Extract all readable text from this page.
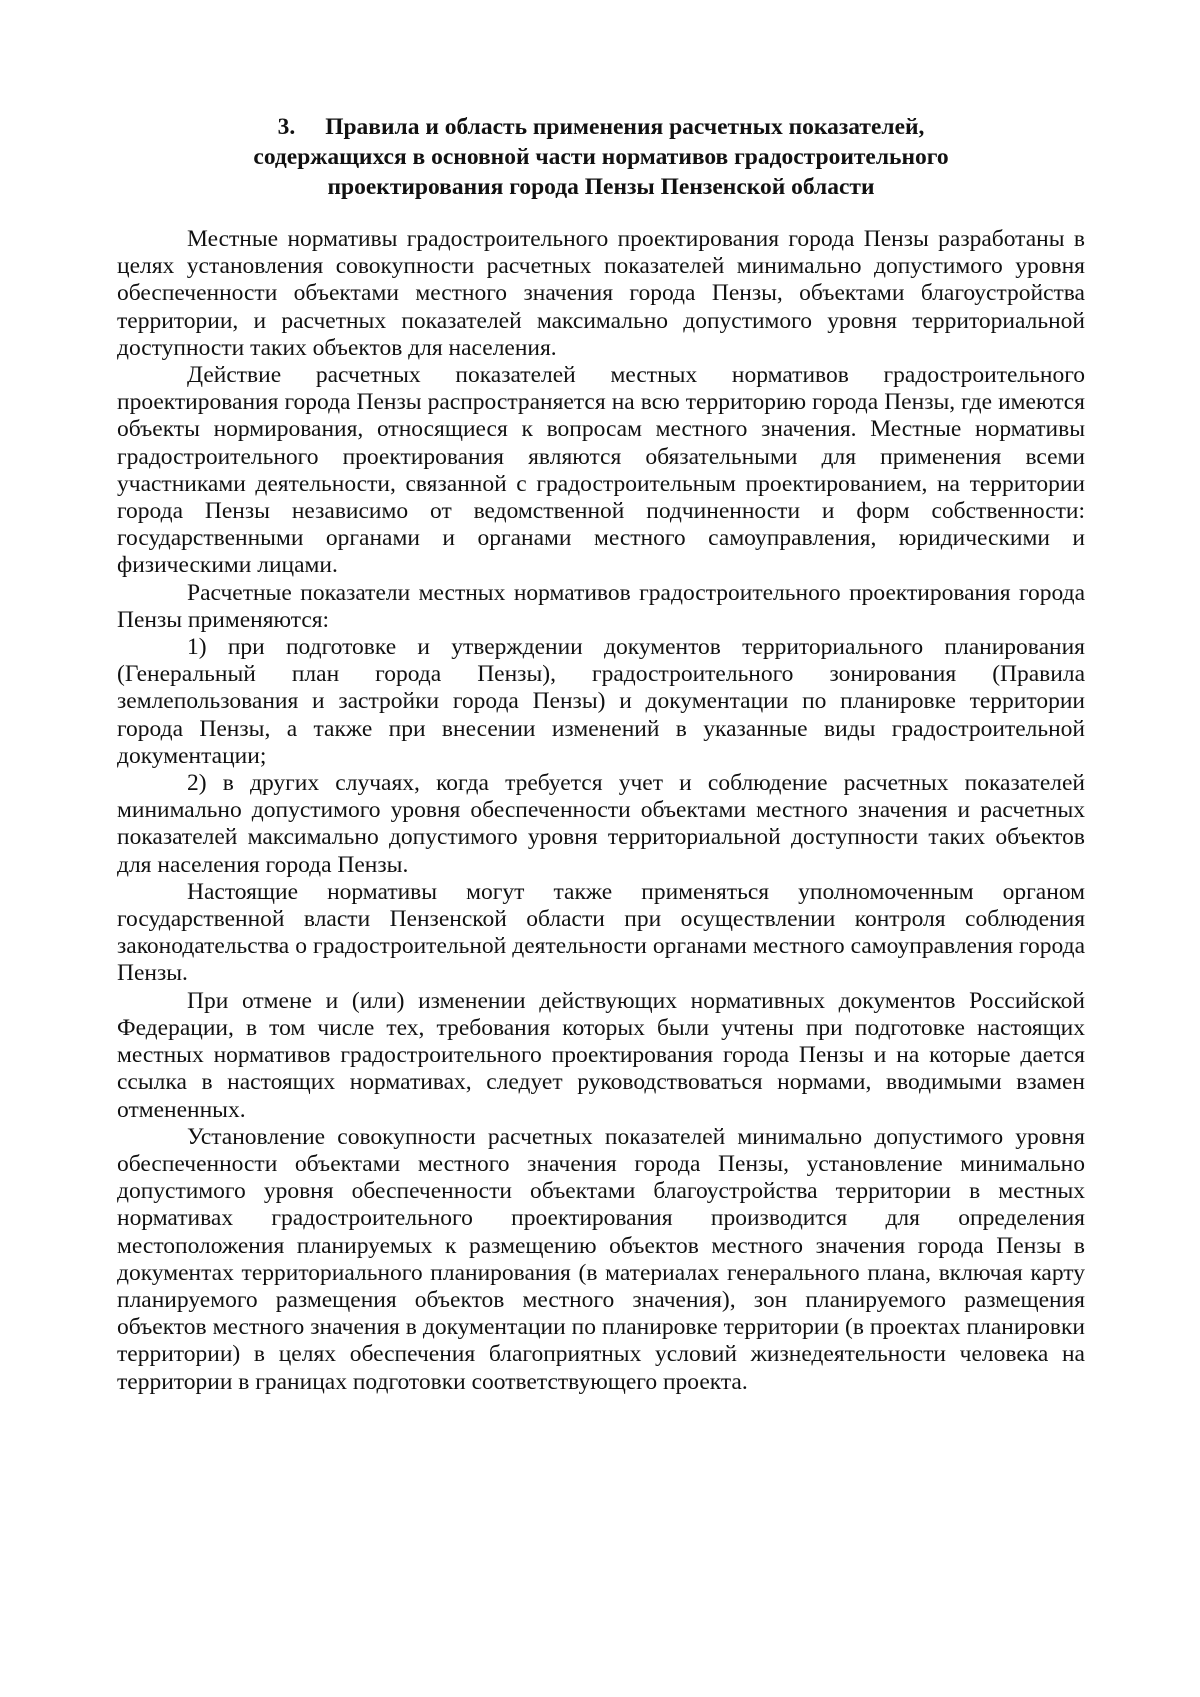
3. Правила и область применения расчетных показателей,
содержащихся в основной части нормативов градостроительного
проектирования города Пензы Пензенской области

Местные нормативы градостроительного проектирования города Пензы разработаны в целях установления совокупности расчетных показателей минимально допустимого уровня обеспеченности объектами местного значения города Пензы, объектами благоустройства территории, и расчетных показателей максимально допустимого уровня территориальной доступности таких объектов для населения.

Действие расчетных показателей местных нормативов градостроительного проектирования города Пензы распространяется на всю территорию города Пензы, где имеются объекты нормирования, относящиеся к вопросам местного значения. Местные нормативы градостроительного проектирования являются обязательными для применения всеми участниками деятельности, связанной с градостроительным проектированием, на территории города Пензы независимо от ведомственной подчиненности и форм собственности: государственными органами и органами местного самоуправления, юридическими и физическими лицами.

Расчетные показатели местных нормативов градостроительного проектирования города Пензы применяются:

1) при подготовке и утверждении документов территориального планирования (Генеральный план города Пензы), градостроительного зонирования (Правила землепользования и застройки города Пензы) и документации по планировке территории города Пензы, а также при внесении изменений в указанные виды градостроительной документации;

2) в других случаях, когда требуется учет и соблюдение расчетных показателей минимально допустимого уровня обеспеченности объектами местного значения и расчетных показателей максимально допустимого уровня территориальной доступности таких объектов для населения города Пензы.

Настоящие нормативы могут также применяться уполномоченным органом государственной власти Пензенской области при осуществлении контроля соблюдения законодательства о градостроительной деятельности органами местного самоуправления города Пензы.

При отмене и (или) изменении действующих нормативных документов Российской Федерации, в том числе тех, требования которых были учтены при подготовке настоящих местных нормативов градостроительного проектирования города Пензы и на которые дается ссылка в настоящих нормативах, следует руководствоваться нормами, вводимыми взамен отмененных.

Установление совокупности расчетных показателей минимально допустимого уровня обеспеченности объектами местного значения города Пензы, установление минимально допустимого уровня обеспеченности объектами благоустройства территории в местных нормативах градостроительного проектирования производится для определения местоположения планируемых к размещению объектов местного значения города Пензы в документах территориального планирования (в материалах генерального плана, включая карту планируемого размещения объектов местного значения), зон планируемого размещения объектов местного значения в документации по планировке территории (в проектах планировки территории) в целях обеспечения благоприятных условий жизнедеятельности человека на территории в границах подготовки соответствующего проекта.
